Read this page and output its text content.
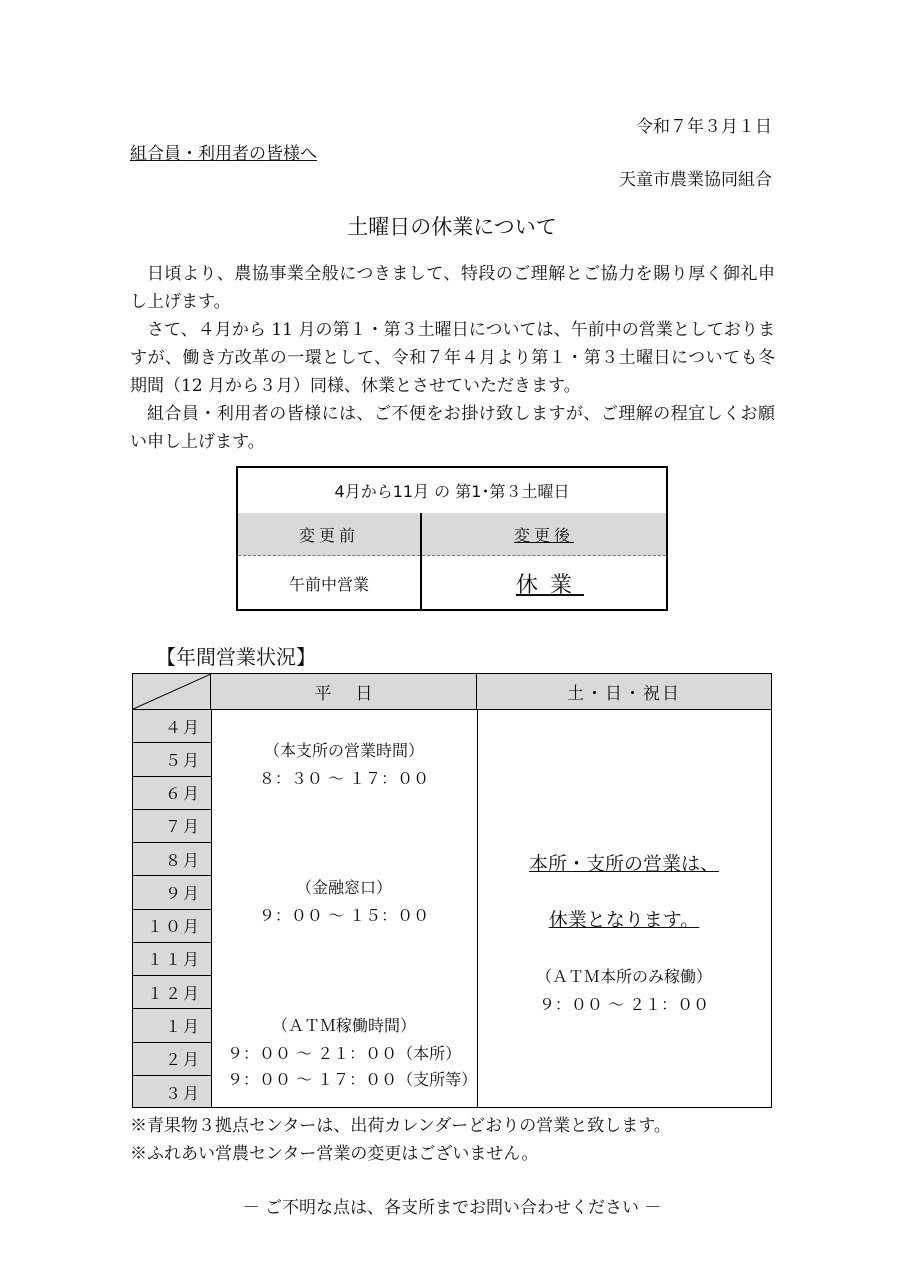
令和７年３月１日
組合員・利用者の皆様へ
天童市農業協同組合
土曜日の休業について

日頃より、農協事業全般につきまして、特段のご理解とご協力を賜り厚く御礼申し上げます。

さて、４月から 11 月の第１・第３土曜日については、午前中の営業としておりますが、働き方改革の一環として、令和７年４月より第１・第３土曜日についても冬期間（12 月から３月）同様、休業とさせていただきます。

組合員・利用者の皆様には、ご不便をお掛け致しますが、ご理解の程宜しくお願い申し上げます。

4月から11月 の 第1･第３土曜日
変更前
午前中営業
変更後
休業
【年間営業状況】
平日	土・日・祝日
４月
５月
６月
７月
８月
９月
１０月
１１月
１２月
１月
２月
３月
（本支所の営業時間）
８：３０ ～ １７：００
（金融窓口）
９：００ ～ １５：００
（ＡＴＭ稼働時間）
９：００ ～ ２１：００（本所）
９：００ ～ １７：００（支所等）
本所・支所の営業は、
休業となります。
（ＡＴＭ本所のみ稼働）
９：００ ～ ２１：００
※青果物３拠点センターは、出荷カレンダーどおりの営業と致します。
※ふれあい営農センター営業の変更はございません。
－ ご不明な点は、各支所までお問い合わせください －
